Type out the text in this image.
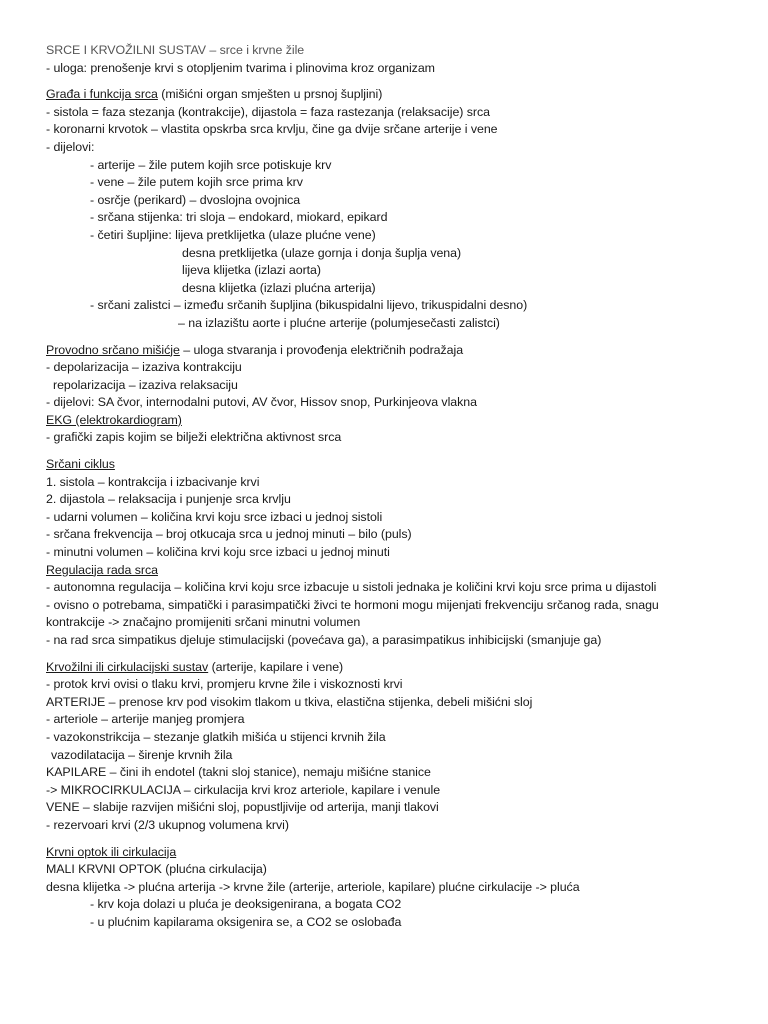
SRCE I KRVOŽILNI SUSTAV – srce i krvne žile
- uloga: prenošenje krvi s otopljenim tvarima i plinovima kroz organizam
Građa i funkcija srca (mišićni organ smješten u prsnoj šupljini)
- sistola = faza stezanja (kontrakcije), dijastola = faza rastezanja (relaksacije) srca
- koronarni krvotok – vlastita opskrba srca krvlju, čine ga dvije srčane arterije i vene
- dijelovi:
- arterije – žile putem kojih srce potiskuje krv
- vene – žile putem kojih srce prima krv
- osrčje (perikard) – dvoslojna ovojnica
- srčana stijenka: tri sloja – endokard, miokard, epikard
- četiri šupljine: lijeva pretklijetka (ulaze plućne vene)
desna pretklijetka (ulaze gornja i donja šuplja vena)
lijeva klijetka (izlazi aorta)
desna klijetka (izlazi plućna arterija)
- srčani zalistci – između srčanih šupljina (bikuspidalni lijevo, trikuspidalni desno)
– na izlazištu aorte i plućne arterije (polumjesečasti zalistci)
Provodno srčano mišićje – uloga stvaranja i provođenja električnih podražaja
- depolarizacija – izaziva kontrakciju
repolarizacija – izaziva relaksaciju
- dijelovi: SA čvor, internodalni putovi, AV čvor, Hissov snop, Purkinjeova vlakna
EKG (elektrokardiogram)
- grafički zapis kojim se bilježi električna aktivnost srca
Srčani ciklus
1. sistola – kontrakcija i izbacivanje krvi
2. dijastola – relaksacija i punjenje srca krvlju
- udarni volumen – količina krvi koju srce izbaci u jednoj sistoli
- srčana frekvencija – broj otkucaja srca u jednoj minuti – bilo (puls)
- minutni volumen – količina krvi koju srce izbaci u jednoj minuti
Regulacija rada srca
- autonomna regulacija – količina krvi koju srce izbacuje u sistoli jednaka je količini krvi koju srce prima u dijastoli
- ovisno o potrebama, simpatički i parasimpatički živci te hormoni mogu mijenjati frekvenciju srčanog rada, snagu
kontrakcije -> značajno promijeniti srčani minutni volumen
- na rad srca simpatikus djeluje stimulacijski (povećava ga), a parasimpatikus inhibicijski (smanjuje ga)
Krvožilni ili cirkulacijski sustav (arterije, kapilare i vene)
- protok krvi ovisi o tlaku krvi, promjeru krvne žile i viskoznosti krvi
ARTERIJE – prenose krv pod visokim tlakom u tkiva, elastična stijenka, debeli mišićni sloj
- arteriole – arterije manjeg promjera
- vazokonstrikcija – stezanje glatkih mišića u stijenci krvnih žila
vazodilatacija – širenje krvnih žila
KAPILARE – čini ih endotel (takni sloj stanice), nemaju mišićne stanice
-> MIKROCIRKULACIJA – cirkulacija krvi kroz arteriole, kapilare i venule
VENE – slabije razvijen mišićni sloj, popustljivije od arterija, manji tlakovi
- rezervoari krvi (2/3 ukupnog volumena krvi)
Krvni optok ili cirkulacija
MALI KRVNI OPTOK (plućna cirkulacija)
desna klijetka -> plućna arterija -> krvne žile (arterije, arteriole, kapilare) plućne cirkulacije -> pluća
- krv koja dolazi u pluća je deoksigenirana, a bogata CO2
- u plućnim kapilarama oksigenira se, a CO2 se oslobađa
